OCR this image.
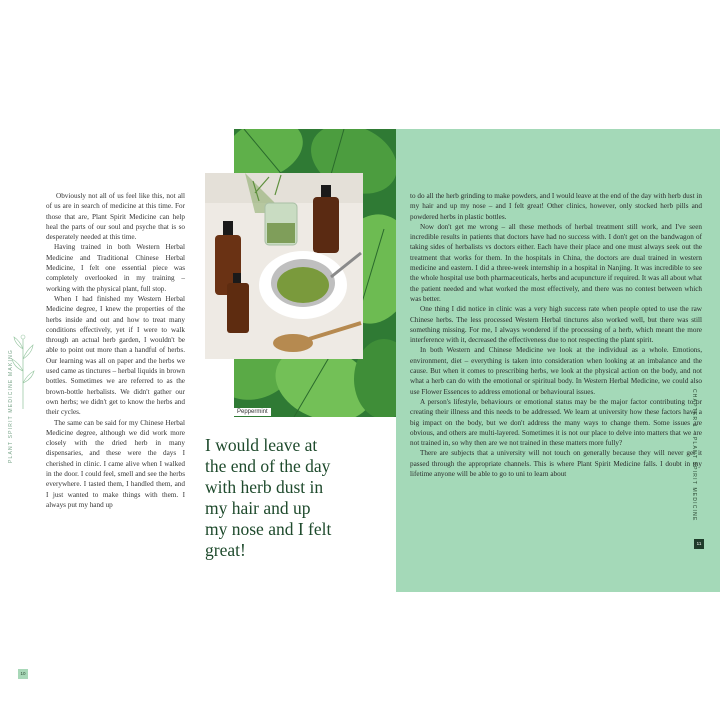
PLANT SPIRIT MEDICINE MAKING
10

Obviously not all of us feel like this, not all of us are in search of medicine at this time. For those that are, Plant Spirit Medicine can help heal the parts of our soul and psyche that is so desperately needed at this time.

Having trained in both Western Herbal Medicine and Traditional Chinese Herbal Medicine, I felt one essential piece was completely overlooked in my training – working with the physical plant, full stop.

When I had finished my Western Herbal Medicine degree, I knew the properties of the herbs inside and out and how to treat many conditions effectively, yet if I were to walk through an actual herb garden, I wouldn't be able to point out more than a handful of herbs. Our learning was all on paper and the herbs we used came as tinctures – herbal liquids in brown bottles. Sometimes we are referred to as the brown-bottle herbalists. We didn't gather our own herbs; we didn't get to know the herbs and their cycles.

The same can be said for my Chinese Herbal Medicine degree, although we did work more closely with the dried herb in many dispensaries, and these were the days I cherished in clinic. I came alive when I walked in the door. I could feel, smell and see the herbs everywhere. I tasted them, I handled them, and I just wanted to make things with them. I always put my hand up

to do all the herb grinding to make powders, and I would leave at the end of the day with herb dust in my hair and up my nose – and I felt great! Other clinics, however, only stocked herb pills and powdered herbs in plastic bottles.

Now don't get me wrong – all these methods of herbal treatment still work, and I've seen incredible results in patients that doctors have had no success with. I don't get on the bandwagon of taking sides of herbalists vs doctors either. Each have their place and one must always seek out the treatment that works for them. In the hospitals in China, the doctors are dual trained in western medicine and eastern. I did a three-week internship in a hospital in Nanjing. It was incredible to see the whole hospital use both pharmaceuticals, herbs and acupuncture if required. It was all about what the patient needed and what worked the most effectively, and there was no contest between which was better.

One thing I did notice in clinic was a very high success rate when people opted to use the raw Chinese herbs. The less processed Western Herbal tinctures also worked well, but there was still something missing. For me, I always wondered if the processing of a herb, which meant the more interference with it, decreased the effectiveness due to not respecting the plant spirit.

In both Western and Chinese Medicine we look at the individual as a whole. Emotions, environment, diet – everything is taken into consideration when looking at an imbalance and the cause. But when it comes to prescribing herbs, we look at the physical action on the body, and not what a herb can do with the emotional or spiritual body. In Western Herbal Medicine, we could also use Flower Essences to address emotional or behavioural issues.

A person's lifestyle, behaviours or emotional status may be the major factor contributing to or creating their illness and this needs to be addressed. We learn at university how these factors have a big impact on the body, but we don't address the many ways to change them. Some issues are obvious, and others are multi-layered. Sometimes it is not our place to delve into matters that we are not trained in, so why then are we not trained in these matters more fully?

There are subjects that a university will not touch on generally because they will never get it passed through the appropriate channels. This is where Plant Spirit Medicine falls. I doubt in my lifetime anyone will be able to go to uni to learn about	CHAPTER 1 – PLANT SPIRIT MEDICINE
11
Peppermint
I would leave at the end of the day with herb dust in my hair and up my nose and I felt great!
